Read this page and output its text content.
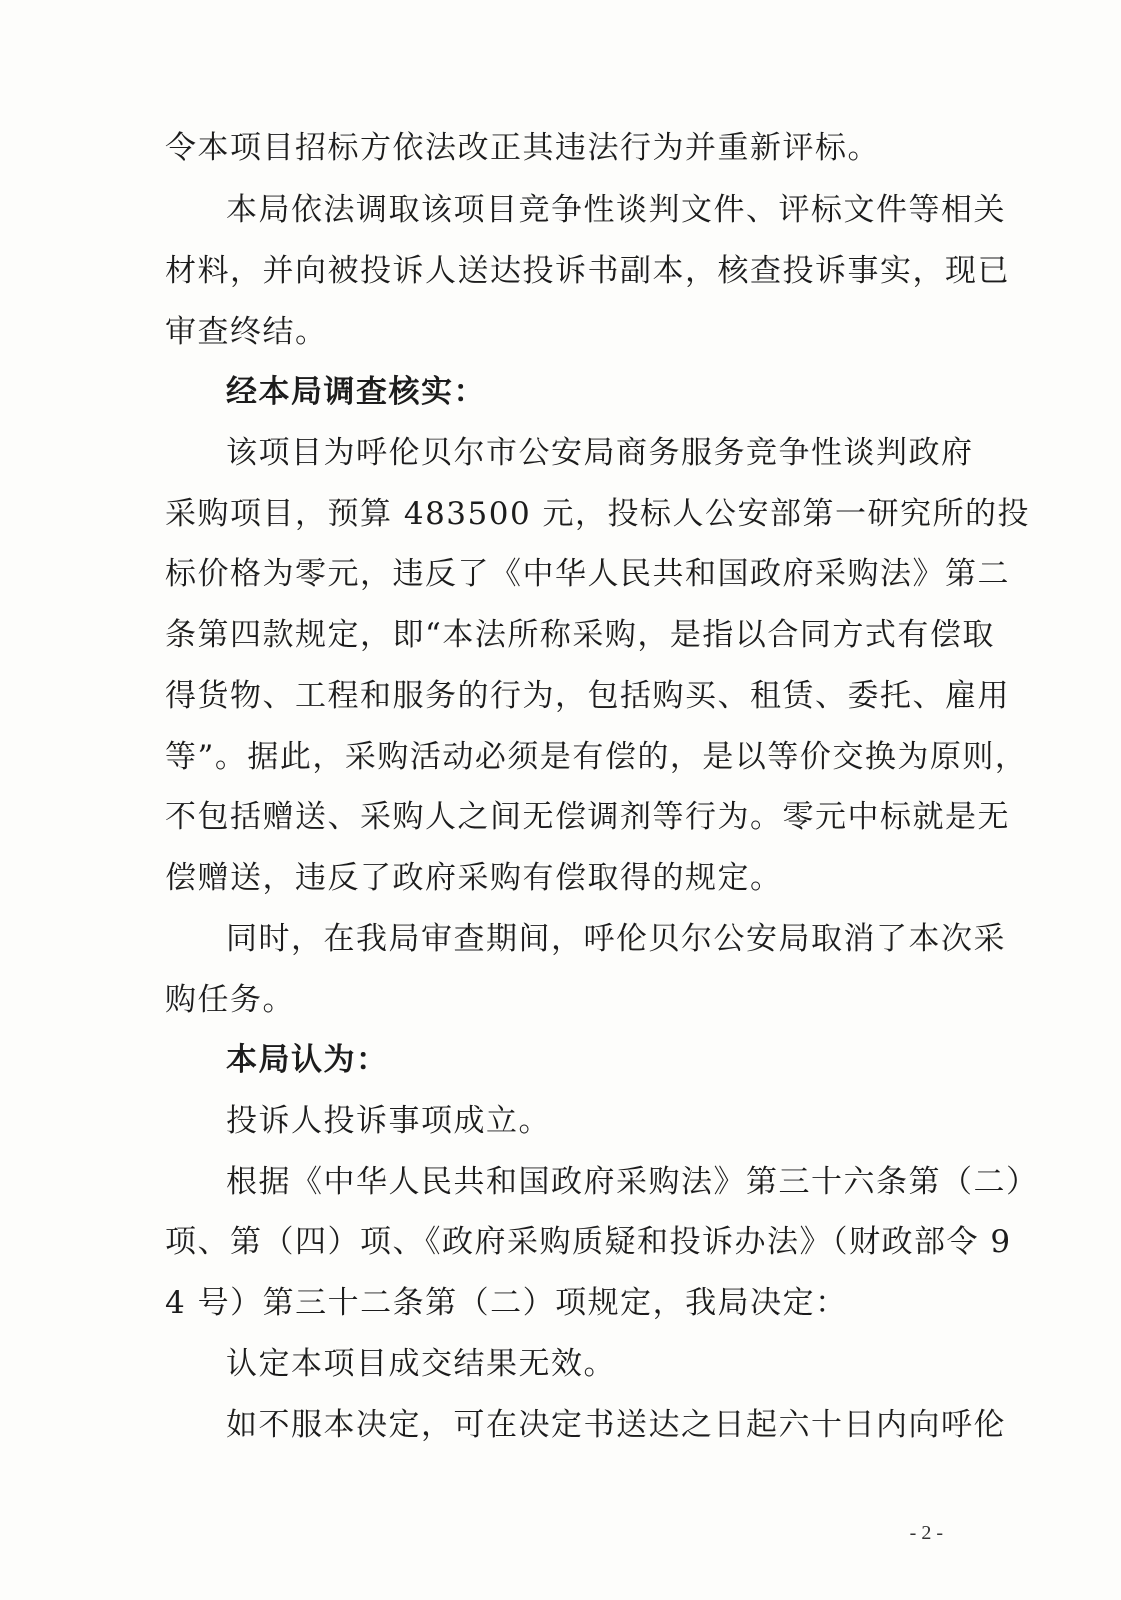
令本项目招标方依法改正其违法行为并重新评标。
本局依法调取该项目竞争性谈判文件、评标文件等相关
材料，并向被投诉人送达投诉书副本，核查投诉事实，现已
审查终结。
经本局调查核实：
该项目为呼伦贝尔市公安局商务服务竞争性谈判政府
采购项目，预算 483500 元，投标人公安部第一研究所的投
标价格为零元，违反了《中华人民共和国政府采购法》第二
条第四款规定，即“本法所称采购，是指以合同方式有偿取
得货物、工程和服务的行为，包括购买、租赁、委托、雇用
等”。据此，采购活动必须是有偿的，是以等价交换为原则，
不包括赠送、采购人之间无偿调剂等行为。零元中标就是无
偿赠送，违反了政府采购有偿取得的规定。
同时，在我局审查期间，呼伦贝尔公安局取消了本次采
购任务。
本局认为：
投诉人投诉事项成立。
根据《中华人民共和国政府采购法》第三十六条第（二）
项、第（四）项、《政府采购质疑和投诉办法》（财政部令 9
4 号）第三十二条第（二）项规定，我局决定：
认定本项目成交结果无效。
如不服本决定，可在决定书送达之日起六十日内向呼伦
- 2 -
